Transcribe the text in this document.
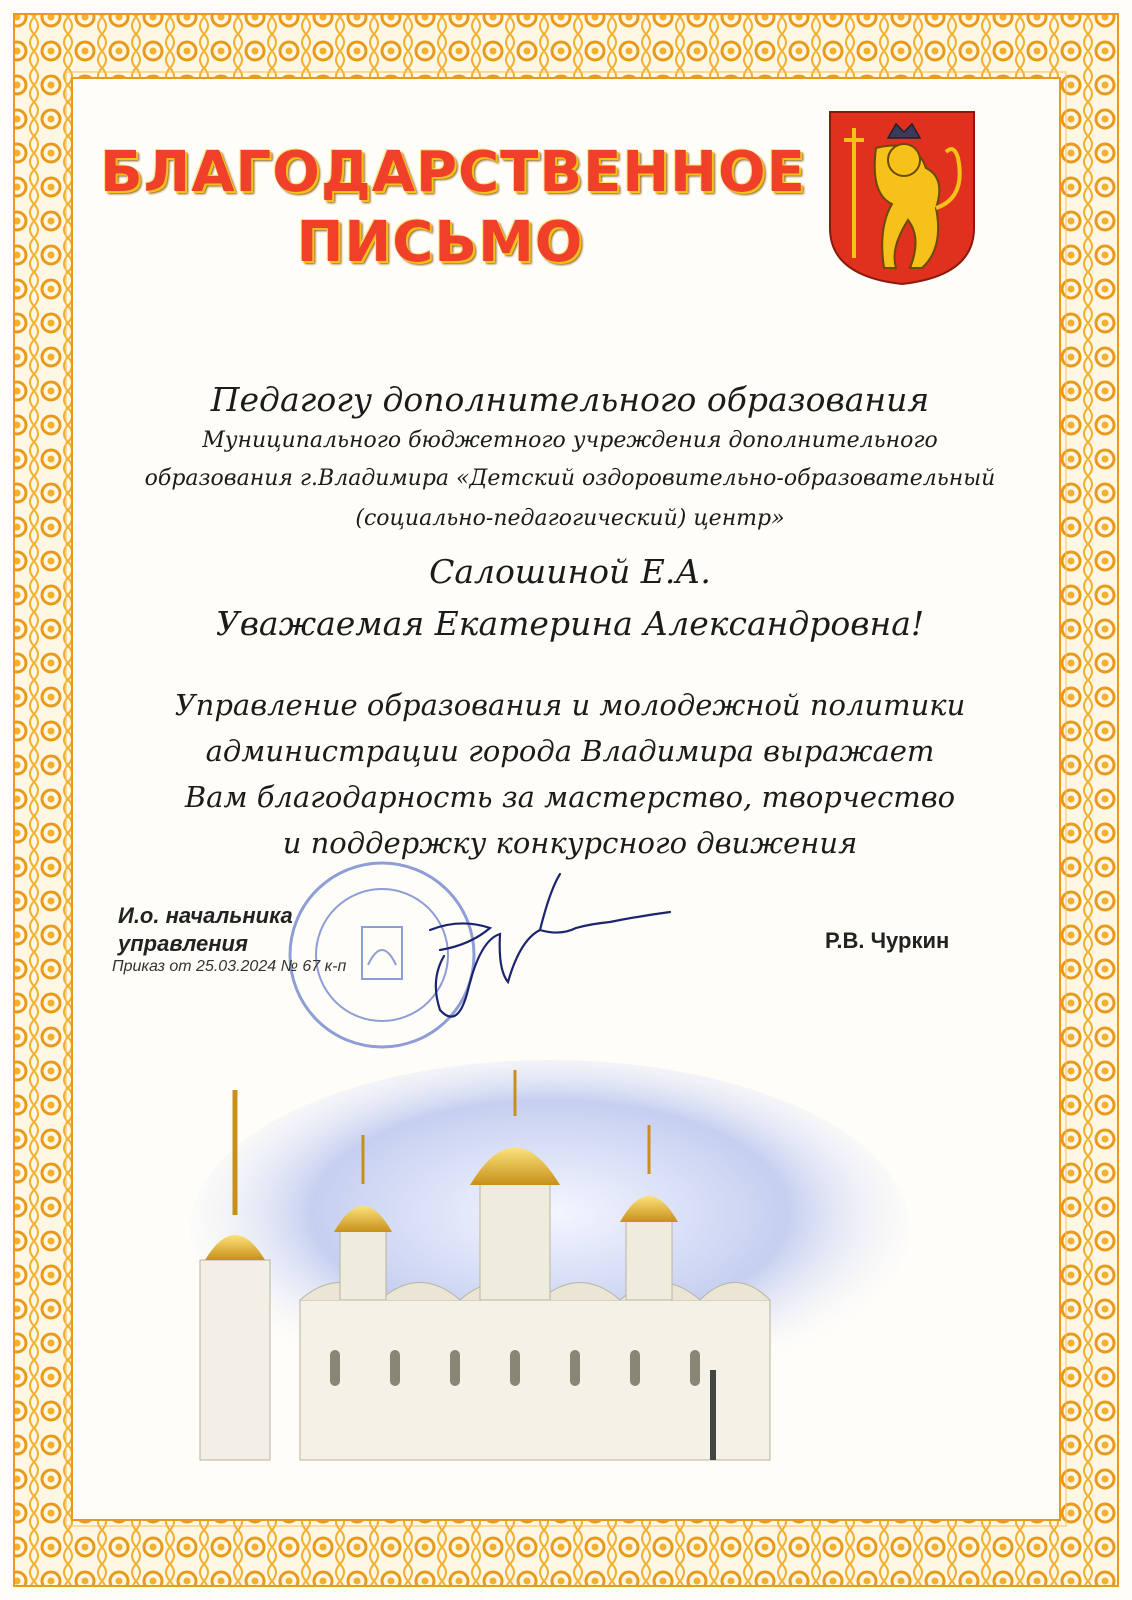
БЛАГОДАРСТВЕННОЕ
ПИСЬМО
Педагогу дополнительного образования
Муниципального бюджетного учреждения дополнительного
образования г.Владимира «Детский оздоровительно-образовательный
(социально-педагогический) центр»
Салошиной Е.А.
Уважаемая Екатерина Александровна!
Управление образования и молодежной политики
администрации города Владимира выражает
Вам благодарность за мастерство, творчество
и поддержку конкурсного движения
И.о. начальника
управления
Приказ от 25.03.2024 № 67 к-п
Р.В. Чуркин
